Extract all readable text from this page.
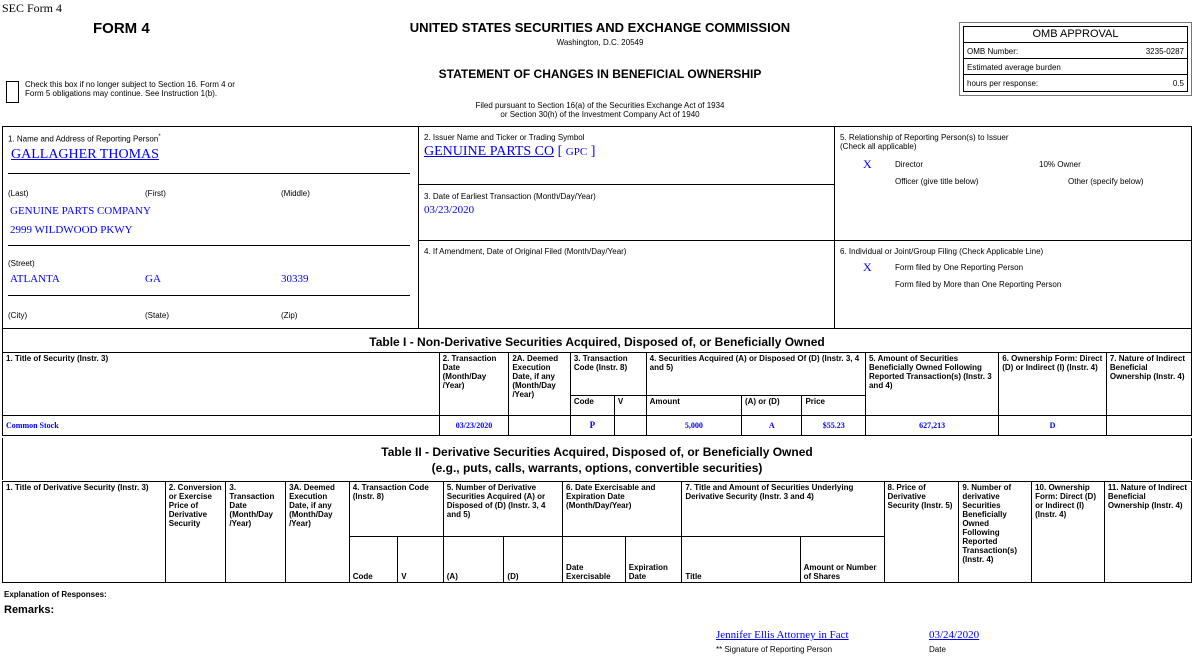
SEC Form 4
FORM 4
Check this box if no longer subject to Section 16. Form 4 or Form 5 obligations may continue. See Instruction 1(b).
UNITED STATES SECURITIES AND EXCHANGE COMMISSION
Washington, D.C. 20549
STATEMENT OF CHANGES IN BENEFICIAL OWNERSHIP
Filed pursuant to Section 16(a) of the Securities Exchange Act of 1934
or Section 30(h) of the Investment Company Act of 1940
OMB APPROVAL
OMB Number:	3235-0287
Estimated average burden
hours per response:	0.5
1. Name and Address of Reporting Person*
GALLAGHER THOMAS
(Last)	(First)	(Middle)
GENUINE PARTS COMPANY
2999 WILDWOOD PKWY
(Street)
ATLANTA	GA	30339
(City)	(State)	(Zip)
2. Issuer Name and Ticker or Trading Symbol
GENUINE PARTS CO [ GPC ]
3. Date of Earliest Transaction (Month/Day/Year)
03/23/2020
4. If Amendment, Date of Original Filed (Month/Day/Year)
5. Relationship of Reporting Person(s) to Issuer
(Check all applicable)
X	Director	10% Owner
Officer (give title below)	Other (specify below)
6. Individual or Joint/Group Filing (Check Applicable Line)
X	Form filed by One Reporting Person
Form filed by More than One Reporting Person
Table I - Non-Derivative Securities Acquired, Disposed of, or Beneficially Owned
1. Title of Security (Instr. 3)	2. Transaction Date (Month/Day /Year)	2A. Deemed Execution Date, if any (Month/Day /Year)	3. Transaction Code (Instr. 8)		4. Securities Acquired (A) or Disposed Of (D) (Instr. 3, 4 and 5)			5. Amount of Securities Beneficially Owned Following Reported Transaction(s) (Instr. 3 and 4)	6. Ownership Form: Direct (D) or Indirect (I) (Instr. 4)	7. Nature of Indirect Beneficial Ownership (Instr. 4)
			Code	V	Amount	(A) or (D)	Price			
Common Stock	03/23/2020		P		5,000	A	$55.23	627,213	D	
Table II - Derivative Securities Acquired, Disposed of, or Beneficially Owned
(e.g., puts, calls, warrants, options, convertible securities)
1. Title of Derivative Security (Instr. 3)	2. Conversion or Exercise Price of Derivative Security	3. Transaction Date (Month/Day /Year)	3A. Deemed Execution Date, if any (Month/Day /Year)	4. Transaction Code (Instr. 8)		5. Number of Derivative Securities Acquired (A) or Disposed of (D) (Instr. 3, 4 and 5)		6. Date Exercisable and Expiration Date (Month/Day/Year)		7. Title and Amount of Securities Underlying Derivative Security (Instr. 3 and 4)		8. Price of Derivative Security (Instr. 5)	9. Number of derivative Securities Beneficially Owned Following Reported Transaction(s) (Instr. 4)	10. Ownership Form: Direct (D) or Indirect (I) (Instr. 4)	11. Nature of Indirect Beneficial Ownership (Instr. 4)
				Code	V	(A)	(D)	Date Exercisable	Expiration Date	Title	Amount or Number of Shares				
Explanation of Responses:
Remarks:
Jennifer Ellis Attorney in Fact
** Signature of Reporting Person
03/24/2020
Date
